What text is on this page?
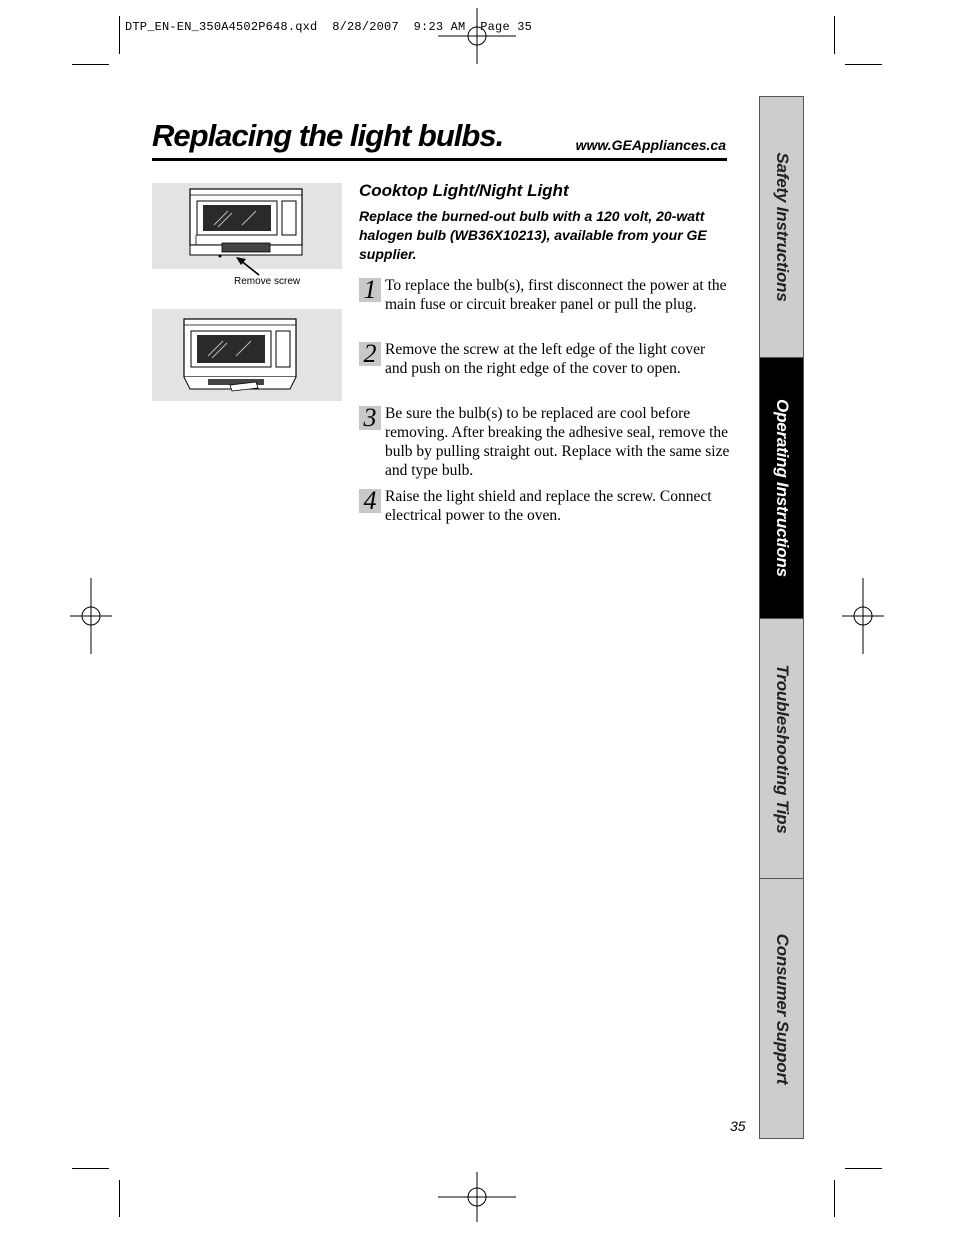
DTP_EN-EN_350A4502P648.qxd  8/28/2007  9:23 AM  Page 35
Replacing the light bulbs.	www.GEAppliances.ca
Remove screw
Cooktop Light/Night Light
Replace the burned-out bulb with a 120 volt, 20-watt halogen bulb (WB36X10213), available from your GE supplier.
1 To replace the bulb(s), first disconnect the power at the main fuse or circuit breaker panel or pull the plug.
2 Remove the screw at the left edge of the light cover and push on the right edge of the cover to open.
3 Be sure the bulb(s) to be replaced are cool before removing. After breaking the adhesive seal, remove the bulb by pulling straight out. Replace with the same size and type bulb.
4 Raise the light shield and replace the screw. Connect electrical power to the oven.
Safety Instructions
Operating Instructions
Troubleshooting Tips
Consumer Support
35
